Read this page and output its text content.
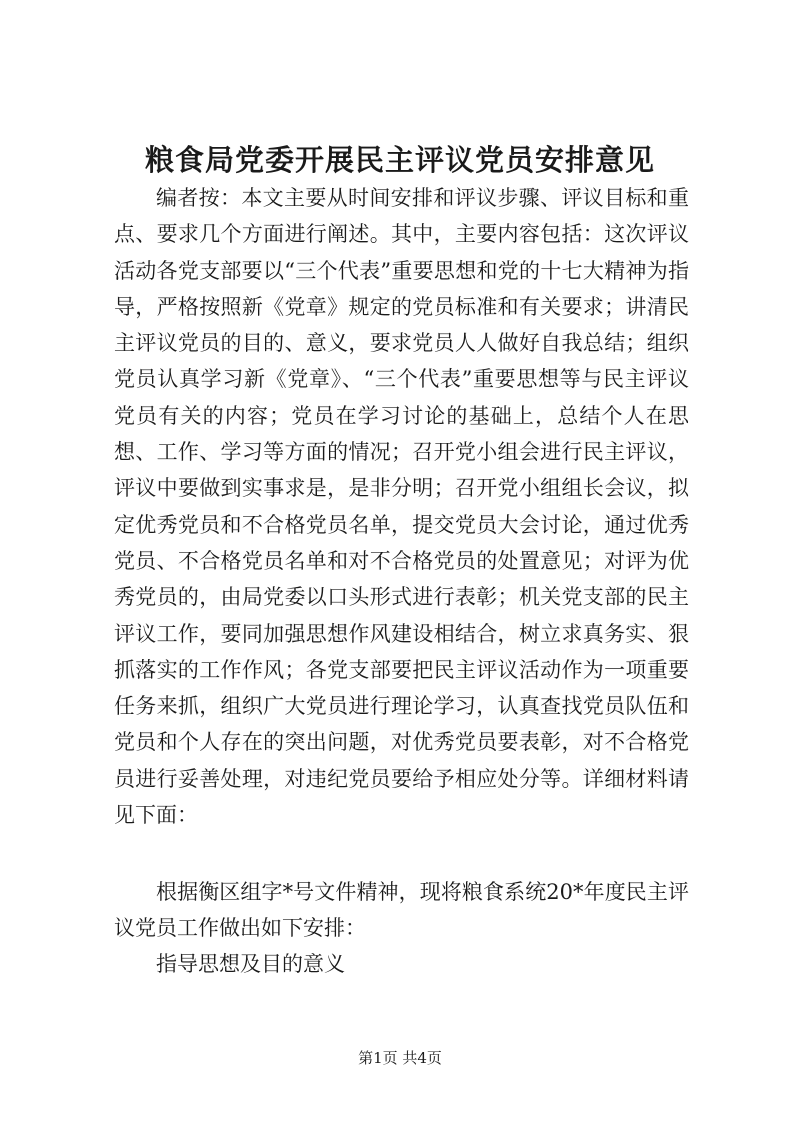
粮食局党委开展民主评议党员安排意见
编者按：本文主要从时间安排和评议步骤、评议目标和重点、要求几个方面进行阐述。其中，主要内容包括：这次评议活动各党支部要以“三个代表”重要思想和党的十七大精神为指导，严格按照新《党章》规定的党员标准和有关要求；讲清民主评议党员的目的、意义，要求党员人人做好自我总结；组织党员认真学习新《党章》、“三个代表”重要思想等与民主评议党员有关的内容；党员在学习讨论的基础上，总结个人在思想、工作、学习等方面的情况；召开党小组会进行民主评议，评议中要做到实事求是，是非分明；召开党小组组长会议，拟定优秀党员和不合格党员名单，提交党员大会讨论，通过优秀党员、不合格党员名单和对不合格党员的处置意见；对评为优秀党员的，由局党委以口头形式进行表彰；机关党支部的民主评议工作，要同加强思想作风建设相结合，树立求真务实、狠抓落实的工作作风；各党支部要把民主评议活动作为一项重要任务来抓，组织广大党员进行理论学习，认真查找党员队伍和党员和个人存在的突出问题，对优秀党员要表彰，对不合格党员进行妥善处理，对违纪党员要给予相应处分等。详细材料请见下面：
根据衡区组字*号文件精神，现将粮食系统20*年度民主评议党员工作做出如下安排：
指导思想及目的意义
第1页 共4页
